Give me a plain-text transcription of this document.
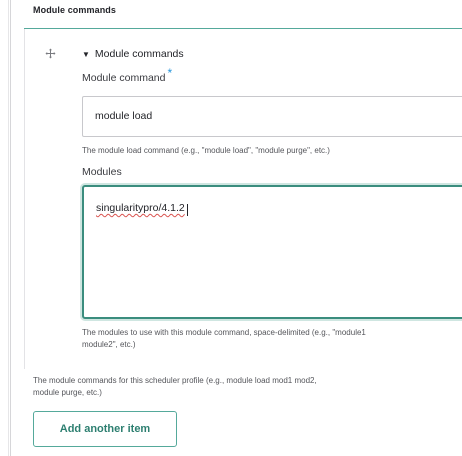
Module commands
▼ Module commands
Module command *
module load
The module load command (e.g., "module load", "module purge", etc.)
Modules
singularitypro/4.1.2
The modules to use with this module command, space-delimited (e.g., "module1
module2", etc.)
The module commands for this scheduler profile (e.g., module load mod1 mod2,
module purge, etc.)
Add another item
